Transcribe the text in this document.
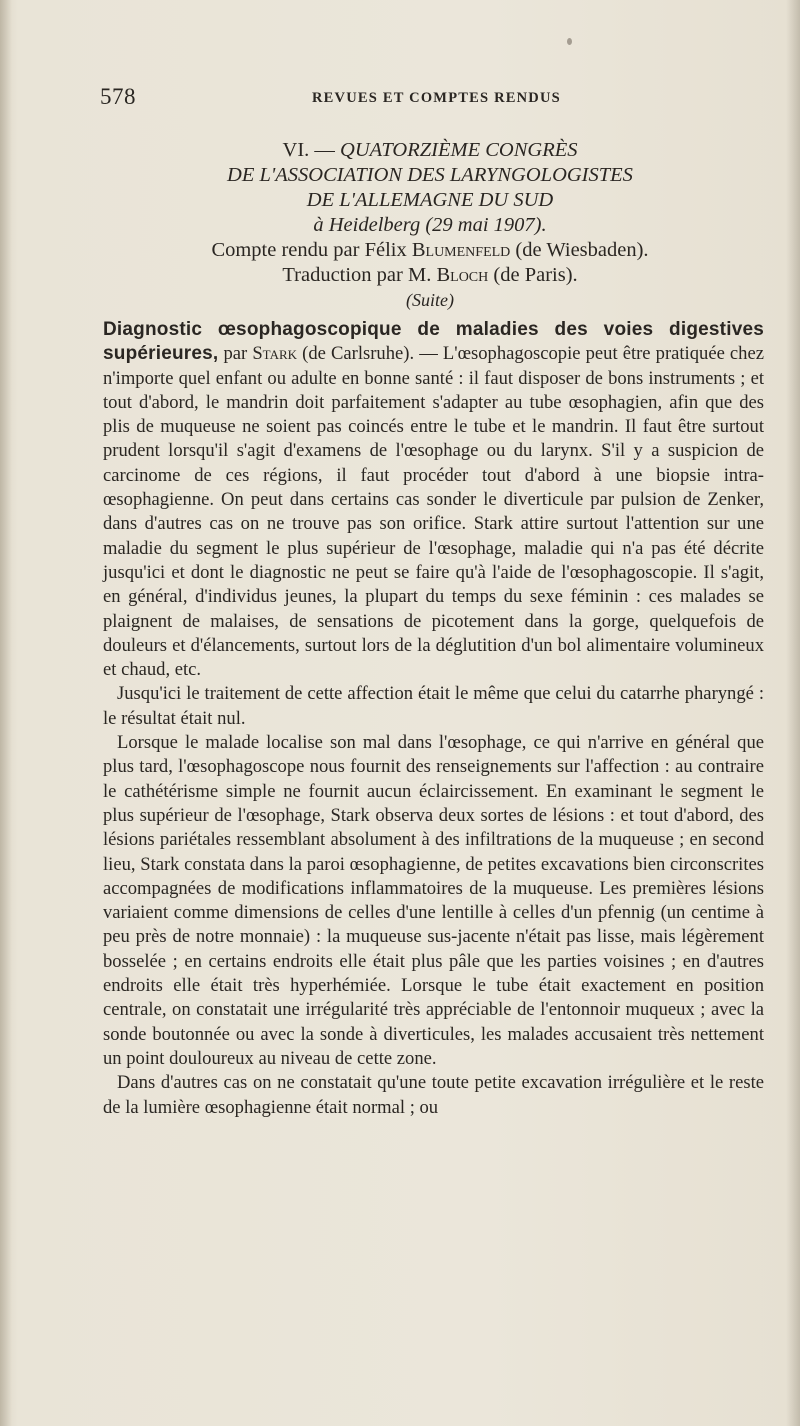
578	REVUES ET COMPTES RENDUS
VI. — QUATORZIÈME CONGRÈS
DE L'ASSOCIATION DES LARYNGOLOGISTES
DE L'ALLEMAGNE DU SUD
à Heidelberg (29 mai 1907).
Compte rendu par Félix Blumenfeld (de Wiesbaden).
Traduction par M. Bloch (de Paris).
(Suite)

Diagnostic œsophagoscopique de maladies des voies digestives supérieures, par Stark (de Carlsruhe). — L'œsophagoscopie peut être pratiquée chez n'importe quel enfant ou adulte en bonne santé : il faut disposer de bons instruments ; et tout d'abord, le mandrin doit parfaitement s'adapter au tube œsophagien, afin que des plis de muqueuse ne soient pas coincés entre le tube et le mandrin. Il faut être surtout prudent lorsqu'il s'agit d'examens de l'œsophage ou du larynx. S'il y a suspicion de carcinome de ces régions, il faut procéder tout d'abord à une biopsie intra-œsophagienne. On peut dans certains cas sonder le diverticule par pulsion de Zenker, dans d'autres cas on ne trouve pas son orifice. Stark attire surtout l'attention sur une maladie du segment le plus supérieur de l'œsophage, maladie qui n'a pas été décrite jusqu'ici et dont le diagnostic ne peut se faire qu'à l'aide de l'œsophagoscopie. Il s'agit, en général, d'individus jeunes, la plupart du temps du sexe féminin : ces malades se plaignent de malaises, de sensations de picotement dans la gorge, quelquefois de douleurs et d'élancements, surtout lors de la déglutition d'un bol alimentaire volumineux et chaud, etc.

Jusqu'ici le traitement de cette affection était le même que celui du catarrhe pharyngé : le résultat était nul.

Lorsque le malade localise son mal dans l'œsophage, ce qui n'arrive en général que plus tard, l'œsophagoscope nous fournit des renseignements sur l'affection : au contraire le cathétérisme simple ne fournit aucun éclaircissement. En examinant le segment le plus supérieur de l'œsophage, Stark observa deux sortes de lésions : et tout d'abord, des lésions pariétales ressemblant absolument à des infiltrations de la muqueuse ; en second lieu, Stark constata dans la paroi œsophagienne, de petites excavations bien circonscrites accompagnées de modifications inflammatoires de la muqueuse. Les premières lésions variaient comme dimensions de celles d'une lentille à celles d'un pfennig (un centime à peu près de notre monnaie) : la muqueuse sus-jacente n'était pas lisse, mais légèrement bosselée ; en certains endroits elle était plus pâle que les parties voisines ; en d'autres endroits elle était très hyperhémiée. Lorsque le tube était exactement en position centrale, on constatait une irrégularité très appréciable de l'entonnoir muqueux ; avec la sonde boutonnée ou avec la sonde à diverticules, les malades accusaient très nettement un point douloureux au niveau de cette zone.

Dans d'autres cas on ne constatait qu'une toute petite excavation irrégulière et le reste de la lumière œsophagienne était normal ; ou
